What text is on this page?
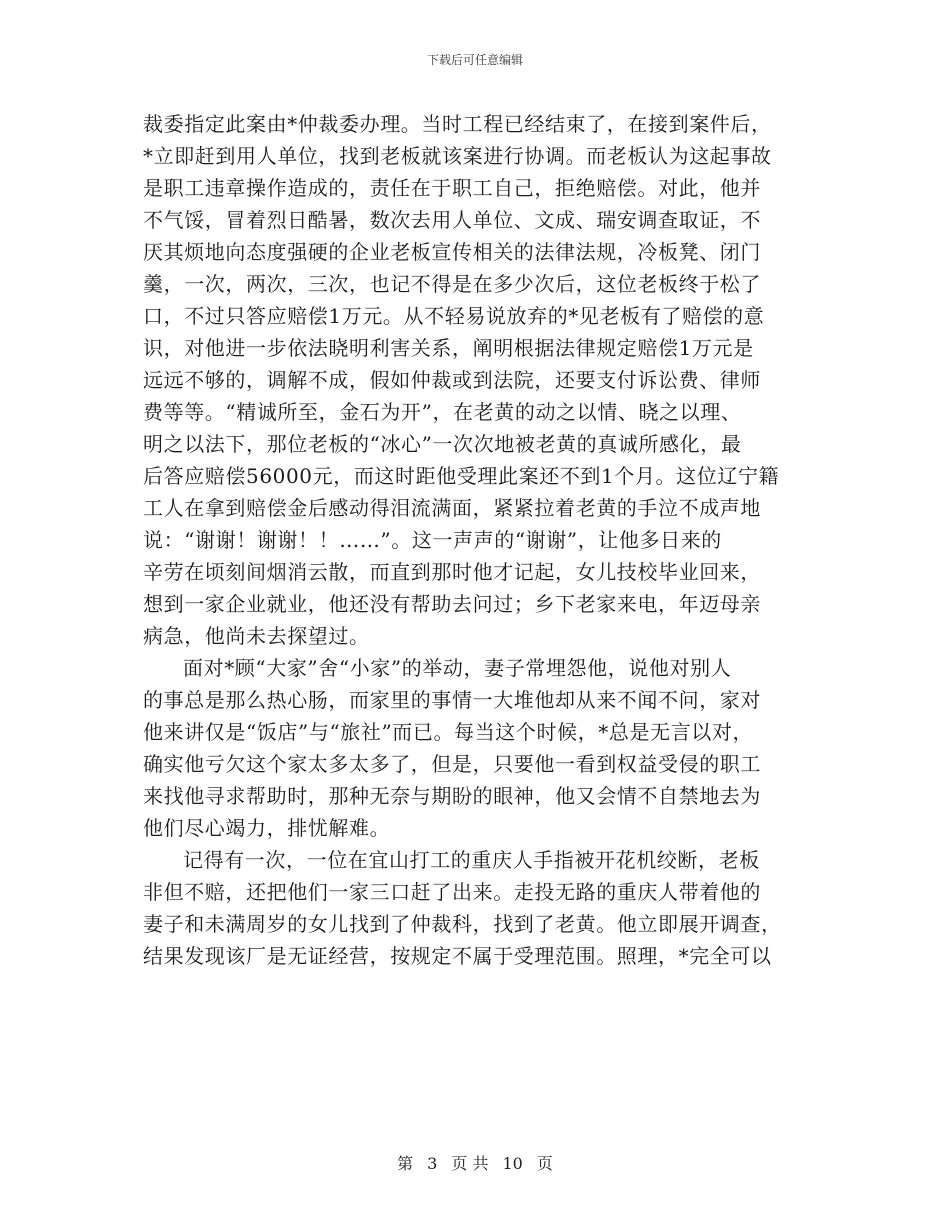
下载后可任意编辑
裁委指定此案由*仲裁委办理。当时工程已经结束了，在接到案件后，
*立即赶到用人单位，找到老板就该案进行协调。而老板认为这起事故
是职工违章操作造成的，责任在于职工自己，拒绝赔偿。对此，他并
不气馁，冒着烈日酷暑，数次去用人单位、文成、瑞安调查取证，不
厌其烦地向态度强硬的企业老板宣传相关的法律法规，冷板凳、闭门
羹，一次，两次，三次，也记不得是在多少次后，这位老板终于松了
口，不过只答应赔偿1万元。从不轻易说放弃的*见老板有了赔偿的意
识，对他进一步依法晓明利害关系，阐明根据法律规定赔偿1万元是
远远不够的，调解不成，假如仲裁或到法院，还要支付诉讼费、律师
费等等。“精诚所至，金石为开”，在老黄的动之以情、晓之以理、
明之以法下，那位老板的“冰心”一次次地被老黄的真诚所感化，最
后答应赔偿56000元，而这时距他受理此案还不到1个月。这位辽宁籍
工人在拿到赔偿金后感动得泪流满面，紧紧拉着老黄的手泣不成声地
说：“谢谢！谢谢！！……”。这一声声的“谢谢”，让他多日来的
辛劳在顷刻间烟消云散，而直到那时他才记起，女儿技校毕业回来，
想到一家企业就业，他还没有帮助去问过；乡下老家来电，年迈母亲
病急，他尚未去探望过。
面对*顾“大家”舍“小家”的举动，妻子常埋怨他，说他对别人
的事总是那么热心肠，而家里的事情一大堆他却从来不闻不问，家对
他来讲仅是“饭店”与“旅社”而已。每当这个时候，*总是无言以对，
确实他亏欠这个家太多太多了，但是，只要他一看到权益受侵的职工
来找他寻求帮助时，那种无奈与期盼的眼神，他又会情不自禁地去为
他们尽心竭力，排忧解难。
记得有一次，一位在宜山打工的重庆人手指被开花机绞断，老板
非但不赔，还把他们一家三口赶了出来。走投无路的重庆人带着他的
妻子和未满周岁的女儿找到了仲裁科，找到了老黄。他立即展开调查，
结果发现该厂是无证经营，按规定不属于受理范围。照理，*完全可以
第 3 页 共 10 页
